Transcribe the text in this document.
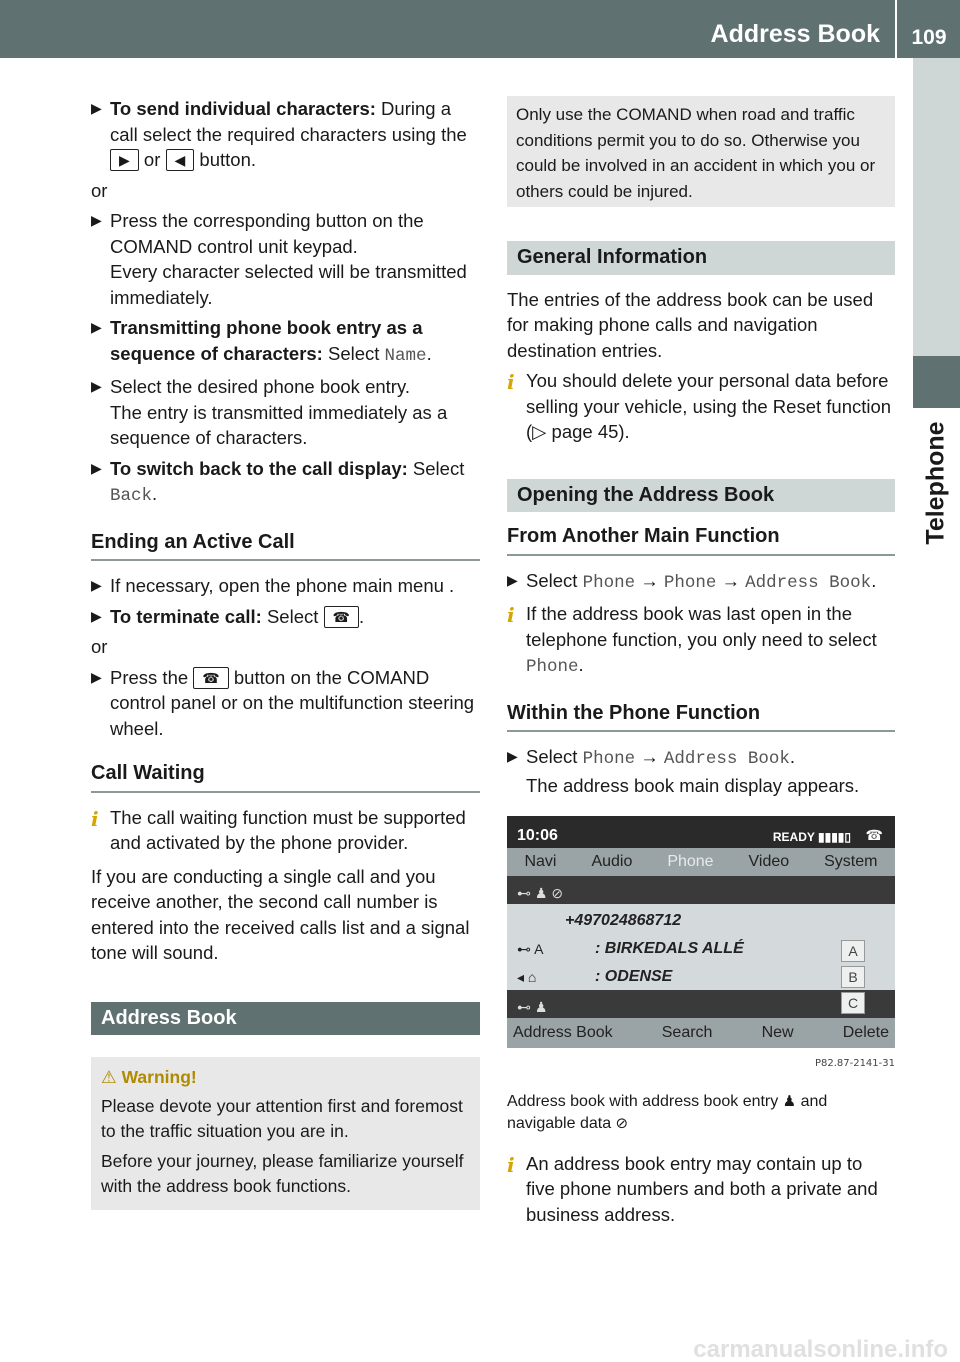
Address Book	109
Telephone
▶ To send individual characters: During a call select the required characters using the ▶ or ◀ button.
or
▶ Press the corresponding button on the COMAND control unit keypad.
Every character selected will be transmitted immediately.
▶ Transmitting phone book entry as a sequence of characters: Select Name.
▶ Select the desired phone book entry.
The entry is transmitted immediately as a sequence of characters.
▶ To switch back to the call display: Select Back.
Ending an Active Call
▶ If necessary, open the phone main menu .
▶ To terminate call: Select ☎ .
or
▶ Press the ☎ button on the COMAND control panel or on the multifunction steering wheel.
Call Waiting
i The call waiting function must be supported and activated by the phone provider.
If you are conducting a single call and you receive another, the second call number is entered into the received calls list and a signal tone will sound.
Address Book
⚠ Warning!

Please devote your attention first and foremost to the traffic situation you are in.

Before your journey, please familiarize yourself with the address book functions.

Only use the COMAND when road and traffic conditions permit you to do so. Otherwise you could be involved in an accident in which you or others could be injured.
General Information
The entries of the address book can be used for making phone calls and navigation destination entries.
i You should delete your personal data before selling your vehicle, using the Reset function (▷ page 45).
Opening the Address Book
From Another Main Function
▶ Select Phone → Phone → Address Book.
i If the address book was last open in the telephone function, you only need to select Phone.
Within the Phone Function
▶ Select Phone → Address Book.
The address book main display appears.
10:06	READY ▮▮▮▮▯ ☎
Navi Audio Phone Video System
⊷ ♟ ⊘
+497024868712
⊷ A	: BIRKEDALS ALLÉ
◂ ⌂	: ODENSE
⊷ ♟
A
B
C
Address Book	Search	New	Delete
P82.87-2141-31
Address book with address book entry ♟ and navigable data ⊘
i An address book entry may contain up to five phone numbers and both a private and business address.
carmanualsonline.info
